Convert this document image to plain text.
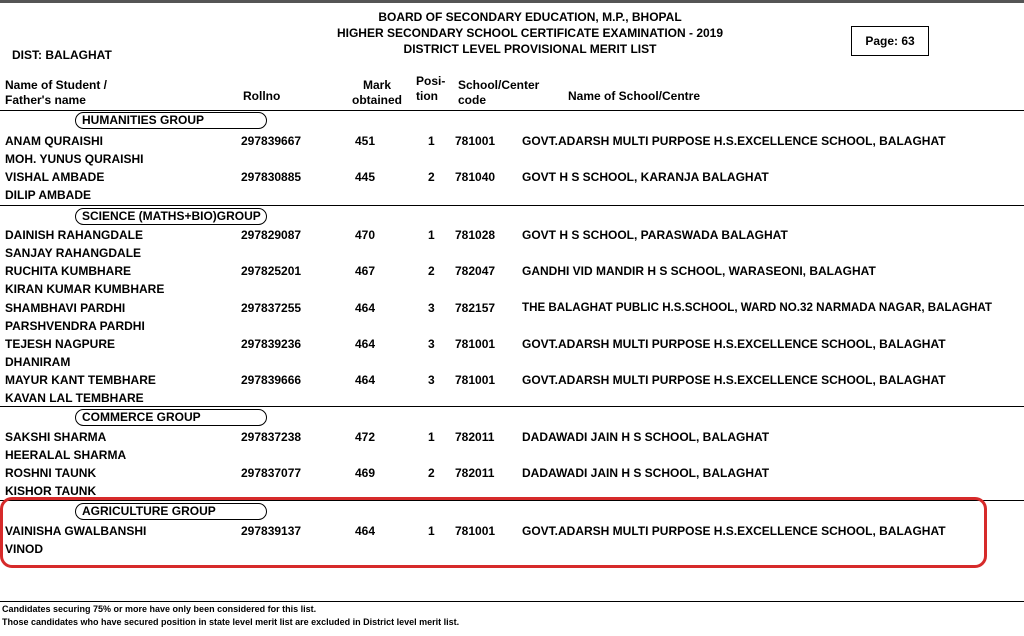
BOARD OF SECONDARY EDUCATION, M.P., BHOPAL
HIGHER SECONDARY SCHOOL CERTIFICATE EXAMINATION - 2019
DISTRICT LEVEL PROVISIONAL MERIT LIST
DIST: BALAGHAT
Page: 63
Name of Student /
Father's name	Rollno
Mark
obtained
Posi-
tion
School/Center
code	Name of School/Centre
HUMANITIES GROUP
ANAM QURAISHI
MOH. YUNUS QURAISHI
297839667	451	1 781001 GOVT.ADARSH MULTI PURPOSE H.S.EXCELLENCE SCHOOL, BALAGHAT
VISHAL AMBADE
DILIP AMBADE
297830885	445	2 781040 GOVT H S SCHOOL, KARANJA BALAGHAT
SCIENCE (MATHS+BIO)GROUP
DAINISH RAHANGDALE
SANJAY RAHANGDALE
297829087	470	1 781028 GOVT H S SCHOOL, PARASWADA BALAGHAT
RUCHITA KUMBHARE
KIRAN KUMAR KUMBHARE
297825201	467	2 782047 GANDHI VID MANDIR H S SCHOOL, WARASEONI, BALAGHAT
SHAMBHAVI PARDHI
PARSHVENDRA PARDHI
297837255	464	3 782157 THE BALAGHAT PUBLIC H.S.SCHOOL, WARD NO.32 NARMADA NAGAR, BALAGHAT
TEJESH NAGPURE
DHANIRAM
297839236	464	3 781001 GOVT.ADARSH MULTI PURPOSE H.S.EXCELLENCE SCHOOL, BALAGHAT
MAYUR KANT TEMBHARE
KAVAN LAL TEMBHARE
297839666	464	3 781001 GOVT.ADARSH MULTI PURPOSE H.S.EXCELLENCE SCHOOL, BALAGHAT
COMMERCE GROUP
SAKSHI SHARMA
HEERALAL SHARMA
297837238	472	1 782011 DADAWADI JAIN H S SCHOOL, BALAGHAT
ROSHNI TAUNK
KISHOR TAUNK
297837077	469	2 782011 DADAWADI JAIN H S SCHOOL, BALAGHAT
AGRICULTURE GROUP
VAINISHA GWALBANSHI
VINOD
297839137	464	1 781001 GOVT.ADARSH MULTI PURPOSE H.S.EXCELLENCE SCHOOL, BALAGHAT
Candidates securing 75% or more have only been considered for this list.
Those candidates who have secured position in state level merit list are excluded in District level merit list.
